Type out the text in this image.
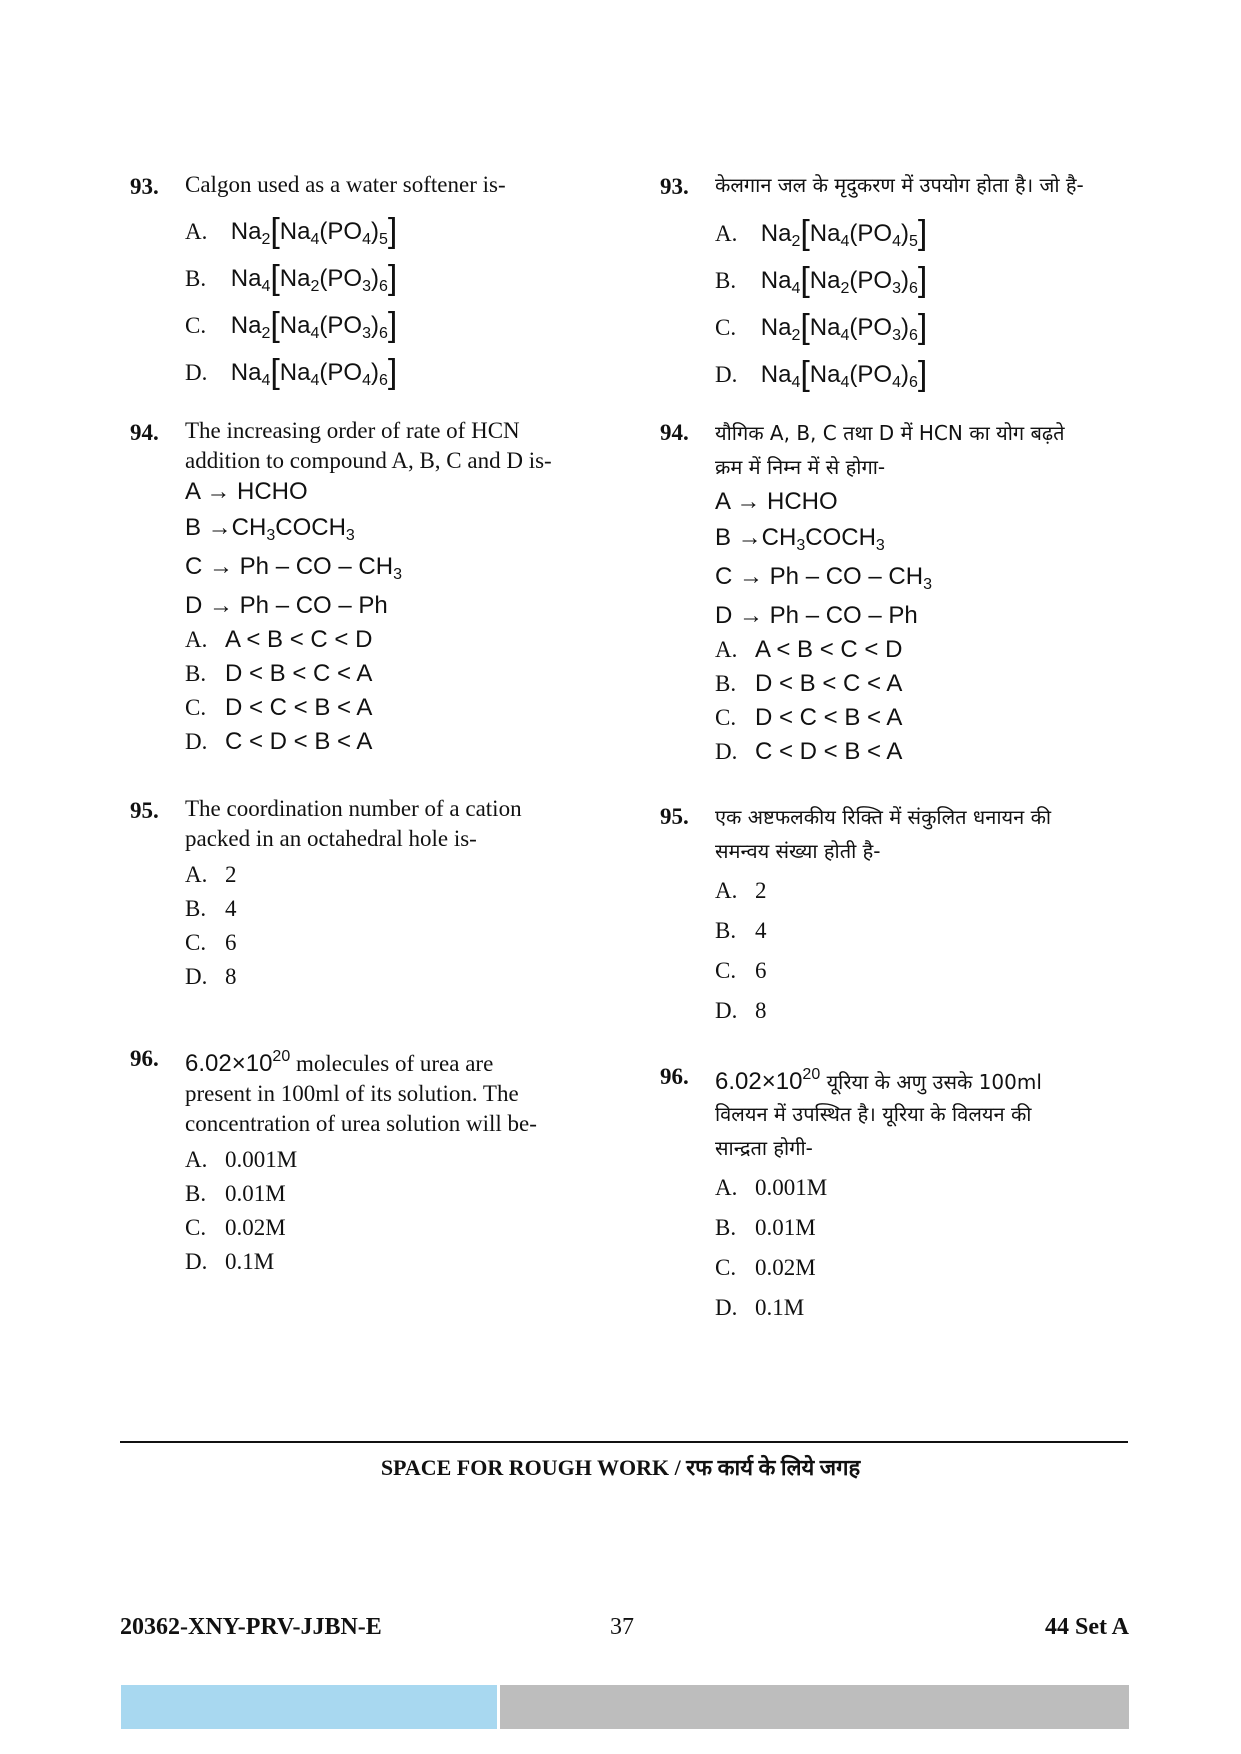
93. Calgon used as a water softener is-
A. $Na_2[Na_4(PO_4)_5]$
B. $Na_4[Na_2(PO_3)_6]$
C. $Na_2[Na_4(PO_3)_6]$
D. $Na_4[Na_4(PO_4)_6]$
94. The increasing order of rate of HCN
addition to compound A, B, C and D is-
A → HCHO
$B \to CH_3COCH_3$
C → Ph – CO – $CH_3$
D → Ph – CO – Ph
A. A < B < C < D
B. D < B < C < A
C. D < C < B < A
D. C < D < B < A
95. The coordination number of a cation
packed in an octahedral hole is-
A. 2
B. 4
C. 6
D. 8
96. $6.02\times 10^{20}$ molecules of urea are
present in 100ml of its solution. The
concentration of urea solution will be-
A. 0.001M
B. 0.01M
C. 0.02M
D. 0.1M
93. केलगान जल के मृदुकरण में उपयोग होता है। जो है-
A. $Na_2[Na_4(PO_4)_5]$
B. $Na_4[Na_2(PO_3)_6]$
C. $Na_2[Na_4(PO_3)_6]$
D. $Na_4[Na_4(PO_4)_6]$
94. यौगिक A, B, C तथा D में HCN का योग बढ़ते
क्रम में निम्न में से होगा-
A → HCHO
$B \to CH_3COCH_3$
C → Ph – CO – $CH_3$
D → Ph – CO – Ph
A. A < B < C < D
B. D < B < C < A
C. D < C < B < A
D. C < D < B < A
95. एक अष्टफलकीय रिक्ति में संकुलित धनायन की
समन्वय संख्या होती है-
A. 2
B. 4
C. 6
D. 8
96. $6.02\times 10^{20}$ यूरिया के अणु उसके 100ml
विलयन में उपस्थित है। यूरिया के विलयन की
सान्द्रता होगी-
A. 0.001M
B. 0.01M
C. 0.02M
D. 0.1M
SPACE FOR ROUGH WORK / रफ कार्य के लिये जगह
20362-XNY-PRV-JJBN-E	37	44 Set A
